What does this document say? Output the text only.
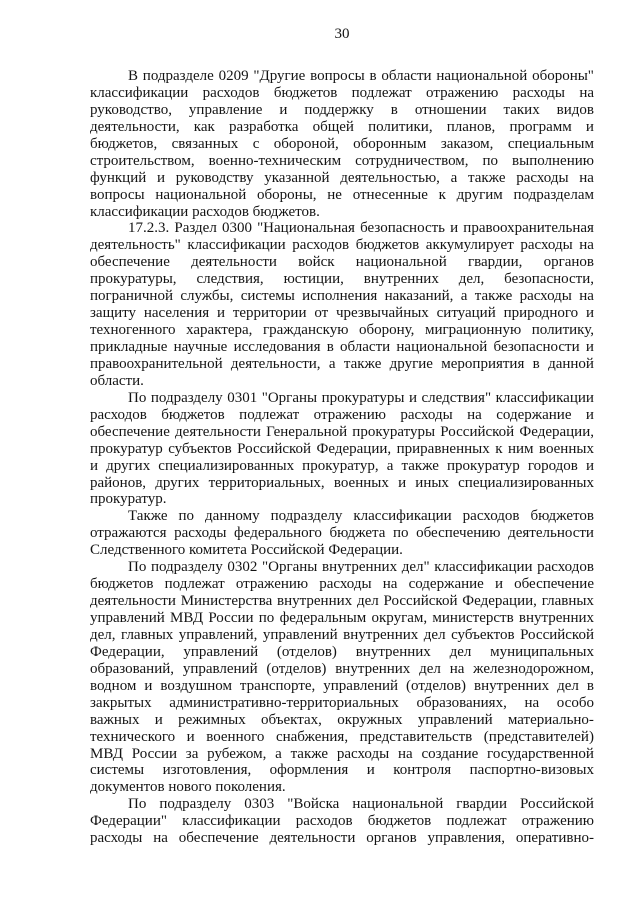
30
В подразделе 0209 "Другие вопросы в области национальной обороны"
классификации расходов бюджетов подлежат отражению расходы на
руководство, управление и поддержку в отношении таких видов
деятельности, как разработка общей политики, планов, программ и
бюджетов, связанных с обороной, оборонным заказом, специальным
строительством, военно-техническим сотрудничеством, по выполнению
функций и руководству указанной деятельностью, а также расходы на
вопросы национальной обороны, не отнесенные к другим подразделам
классификации расходов бюджетов.
17.2.3. Раздел 0300 "Национальная безопасность и правоохранительная
деятельность" классификации расходов бюджетов аккумулирует расходы на
обеспечение деятельности войск национальной гвардии, органов
прокуратуры, следствия, юстиции, внутренних дел, безопасности,
пограничной службы, системы исполнения наказаний, а также расходы на
защиту населения и территории от чрезвычайных ситуаций природного и
техногенного характера, гражданскую оборону, миграционную политику,
прикладные научные исследования в области национальной безопасности и
правоохранительной деятельности, а также другие мероприятия в данной
области.
По подразделу 0301 "Органы прокуратуры и следствия" классификации
расходов бюджетов подлежат отражению расходы на содержание и
обеспечение деятельности Генеральной прокуратуры Российской Федерации,
прокуратур субъектов Российской Федерации, приравненных к ним военных
и других специализированных прокуратур, а также прокуратур городов и
районов, других территориальных, военных и иных специализированных
прокуратур.
Также по данному подразделу классификации расходов бюджетов
отражаются расходы федерального бюджета по обеспечению деятельности
Следственного комитета Российской Федерации.
По подразделу 0302 "Органы внутренних дел" классификации расходов
бюджетов подлежат отражению расходы на содержание и обеспечение
деятельности Министерства внутренних дел Российской Федерации, главных
управлений МВД России по федеральным округам, министерств внутренних
дел, главных управлений, управлений внутренних дел субъектов Российской
Федерации, управлений (отделов) внутренних дел муниципальных
образований, управлений (отделов) внутренних дел на железнодорожном,
водном и воздушном транспорте, управлений (отделов) внутренних дел в
закрытых административно-территориальных образованиях, на особо
важных и режимных объектах, окружных управлений материально-
технического и военного снабжения, представительств (представителей)
МВД России за рубежом, а также расходы на создание государственной
системы изготовления, оформления и контроля паспортно-визовых
документов нового поколения.
По подразделу 0303 "Войска национальной гвардии Российской
Федерации" классификации расходов бюджетов подлежат отражению
расходы на обеспечение деятельности органов управления, оперативно-
